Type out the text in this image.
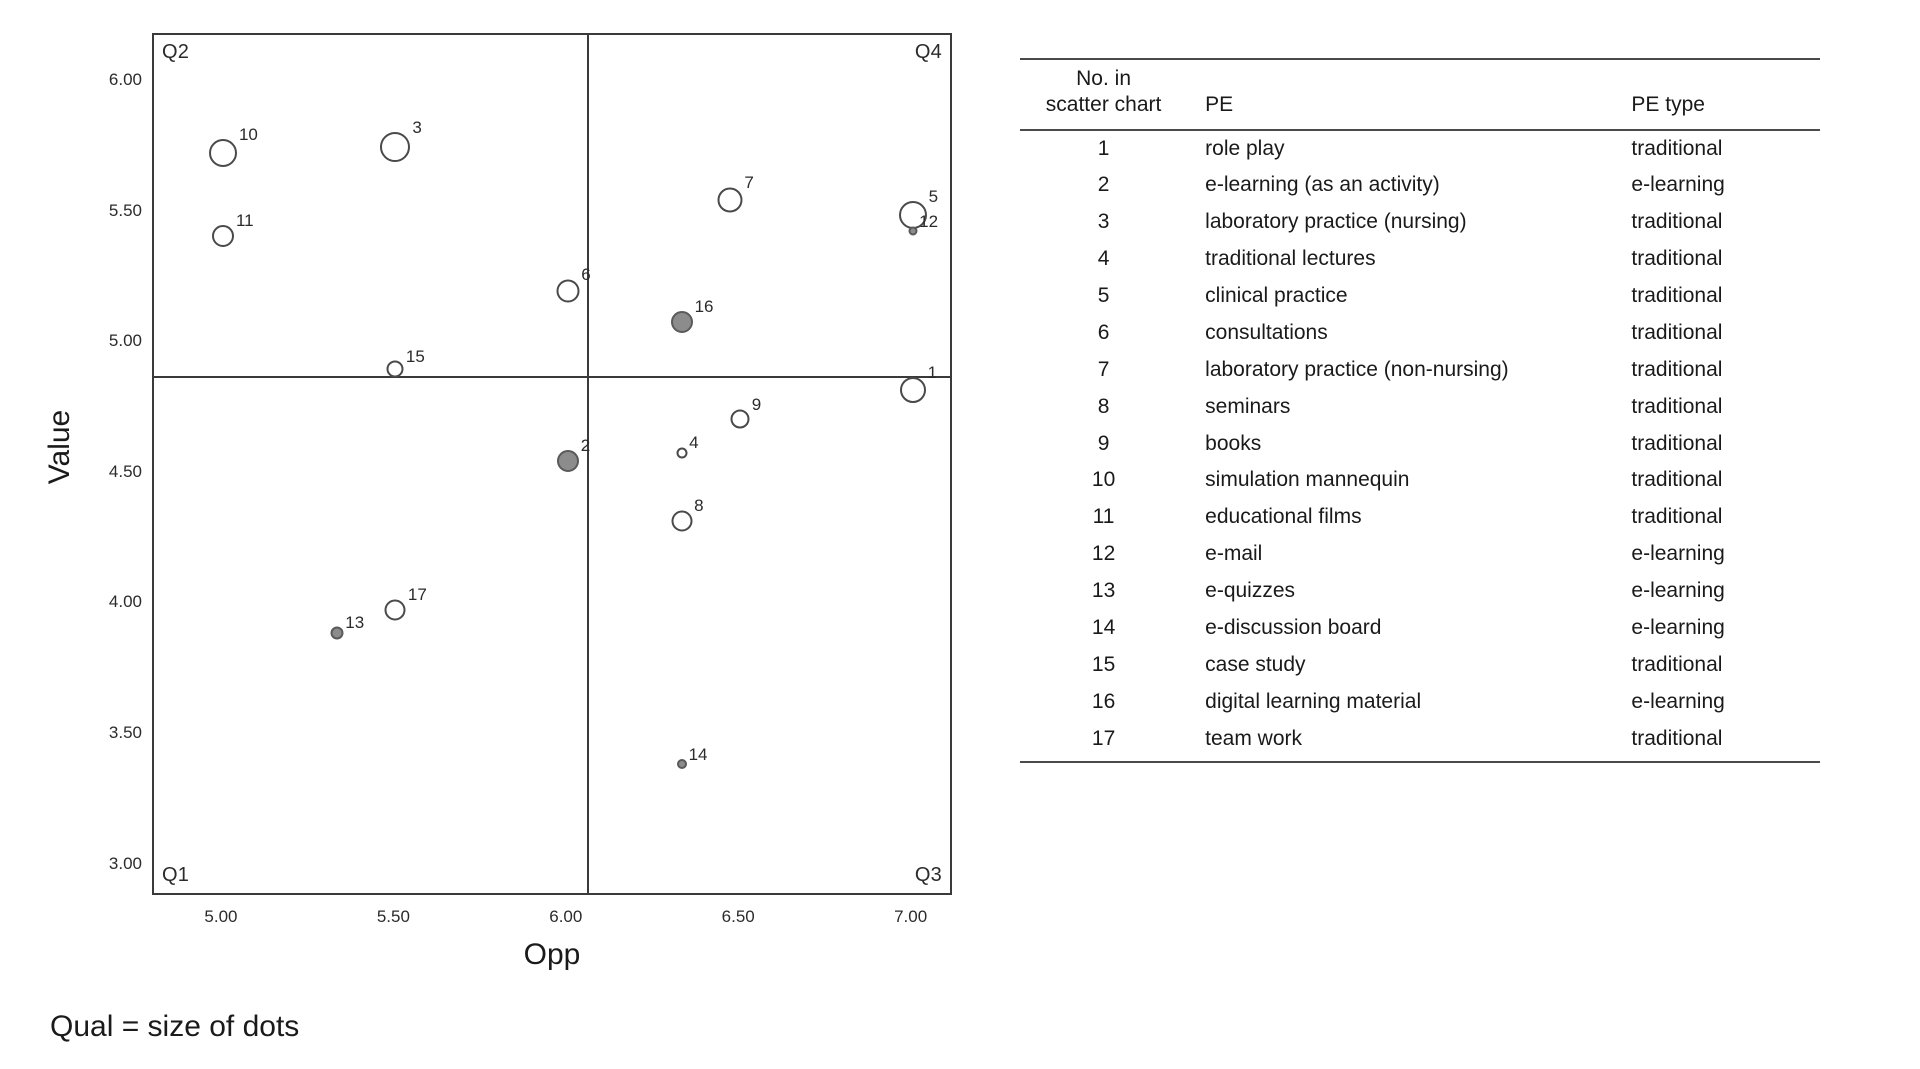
Q2	Q4
Q1	Q3
1
2
3
4
5
6
7
8
9
10
11	12
13
14
15
16
17
Value
Opp
Qual = size of dots
5.00	5.50	6.00	6.50	7.00
3.00
3.50
4.00
4.50
5.00
5.50
6.00	No. in
scatter chart	PE	PE type
1	role play	traditional
2	e-learning (as an activity)	e-learning
3	laboratory practice (nursing)	traditional
4	traditional lectures	traditional
5	clinical practice	traditional
6	consultations	traditional
7	laboratory practice (non-nursing)	traditional
8	seminars	traditional
9	books	traditional
10	simulation mannequin	traditional
11	educational films	traditional
12	e-mail	e-learning
13	e-quizzes	e-learning
14	e-discussion board	e-learning
15	case study	traditional
16	digital learning material	e-learning
17	team work	traditional
